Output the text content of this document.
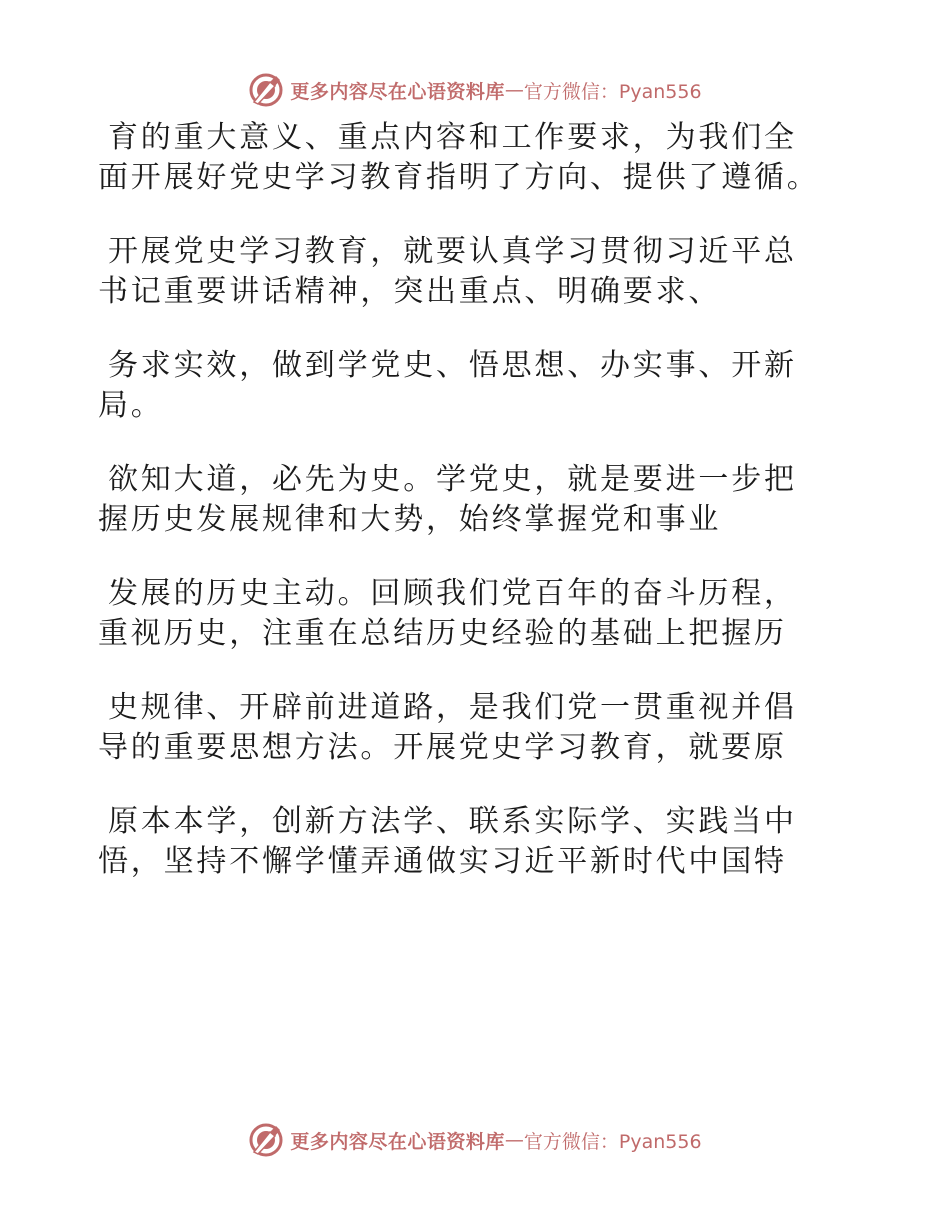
更多内容尽在心语资料库 — 官方微信：Pyan556

育的重大意义、重点内容和工作要求，为我们全

面开展好党史学习教育指明了方向、提供了遵循。

开展党史学习教育，就要认真学习贯彻习近平总

书记重要讲话精神，突出重点、明确要求、

务求实效，做到学党史、悟思想、办实事、开新

局。

欲知大道，必先为史。学党史，就是要进一步把

握历史发展规律和大势，始终掌握党和事业

发展的历史主动。回顾我们党百年的奋斗历程，

重视历史，注重在总结历史经验的基础上把握历

史规律、开辟前进道路，是我们党一贯重视并倡

导的重要思想方法。开展党史学习教育，就要原

原本本学，创新方法学、联系实际学、实践当中

悟，坚持不懈学懂弄通做实习近平新时代中国特

更多内容尽在心语资料库 — 官方微信：Pyan556
